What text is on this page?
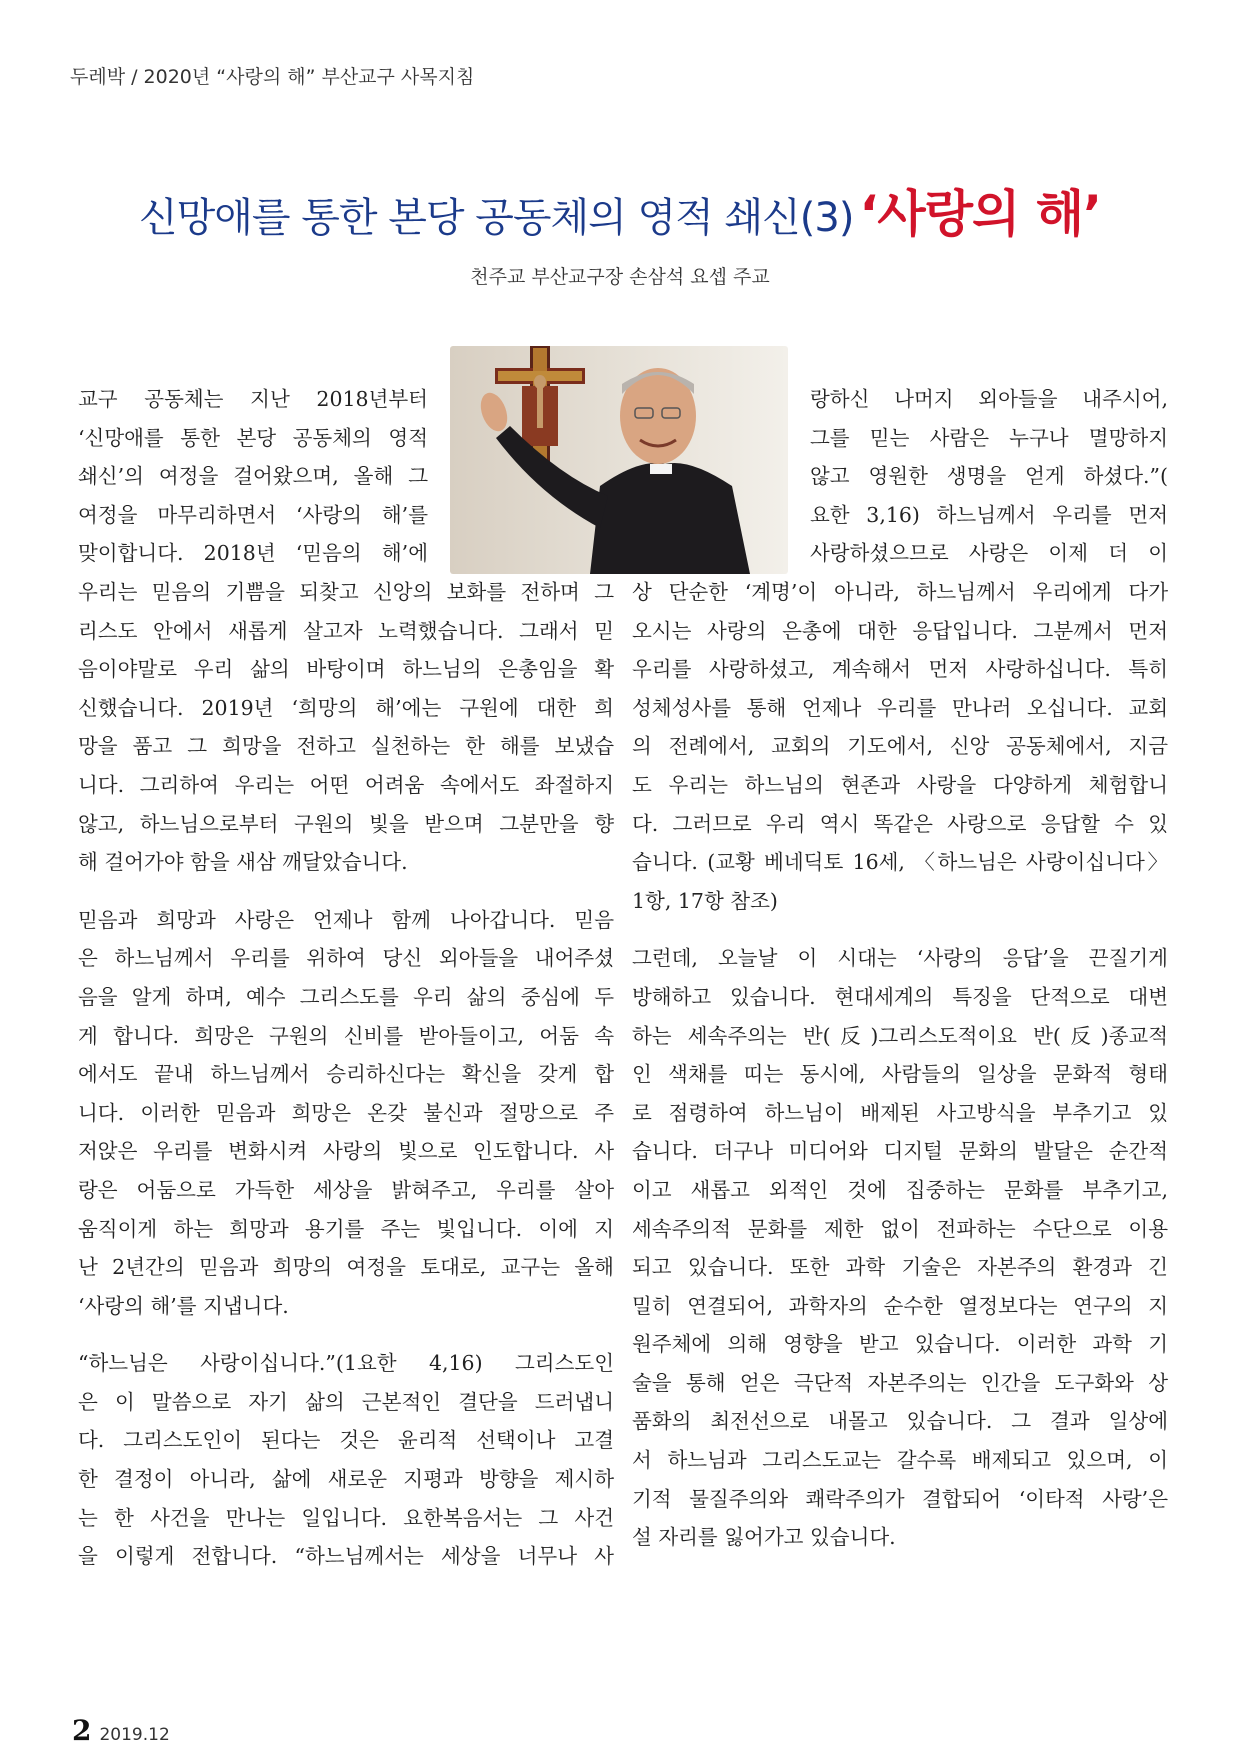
두레박 / 2020년 “사랑의 해” 부산교구 사목지침
신망애를 통한 본당 공동체의 영적 쇄신(3) ‘사랑의 해’
천주교 부산교구장 손삼석 요셉 주교

교구 공동체는 지난 2018년부터

‘신망애를 통한 본당 공동체의 영적

쇄신’의 여정을 걸어왔으며, 올해 그

여정을 마무리하면서 ‘사랑의 해’를

맞이합니다. 2018년 ‘믿음의 해’에

우리는 믿음의 기쁨을 되찾고 신앙의 보화를 전하며 그

리스도 안에서 새롭게 살고자 노력했습니다. 그래서 믿

음이야말로 우리 삶의 바탕이며 하느님의 은총임을 확

신했습니다. 2019년 ‘희망의 해’에는 구원에 대한 희

망을 품고 그 희망을 전하고 실천하는 한 해를 보냈습

니다. 그리하여 우리는 어떤 어려움 속에서도 좌절하지

않고, 하느님으로부터 구원의 빛을 받으며 그분만을 향

해 걸어가야 함을 새삼 깨달았습니다.

믿음과 희망과 사랑은 언제나 함께 나아갑니다. 믿음

은 하느님께서 우리를 위하여 당신 외아들을 내어주셨

음을 알게 하며, 예수 그리스도를 우리 삶의 중심에 두

게 합니다. 희망은 구원의 신비를 받아들이고, 어둠 속

에서도 끝내 하느님께서 승리하신다는 확신을 갖게 합

니다. 이러한 믿음과 희망은 온갖 불신과 절망으로 주

저앉은 우리를 변화시켜 사랑의 빛으로 인도합니다. 사

랑은 어둠으로 가득한 세상을 밝혀주고, 우리를 살아

움직이게 하는 희망과 용기를 주는 빛입니다. 이에 지

난 2년간의 믿음과 희망의 여정을 토대로, 교구는 올해

‘사랑의 해’를 지냅니다.

“하느님은 사랑이십니다.”(1요한 4,16) 그리스도인

은 이 말씀으로 자기 삶의 근본적인 결단을 드러냅니

다. 그리스도인이 된다는 것은 윤리적 선택이나 고결

한 결정이 아니라, 삶에 새로운 지평과 방향을 제시하

는 한 사건을 만나는 일입니다. 요한복음서는 그 사건

을 이렇게 전합니다. “하느님께서는 세상을 너무나 사

랑하신 나머지 외아들을 내주시어,

그를 믿는 사람은 누구나 멸망하지

않고 영원한 생명을 얻게 하셨다.”(

요한 3,16) 하느님께서 우리를 먼저

사랑하셨으므로 사랑은 이제 더 이

상 단순한 ‘계명’이 아니라, 하느님께서 우리에게 다가

오시는 사랑의 은총에 대한 응답입니다. 그분께서 먼저

우리를 사랑하셨고, 계속해서 먼저 사랑하십니다. 특히

성체성사를 통해 언제나 우리를 만나러 오십니다. 교회

의 전례에서, 교회의 기도에서, 신앙 공동체에서, 지금

도 우리는 하느님의 현존과 사랑을 다양하게 체험합니

다. 그러므로 우리 역시 똑같은 사랑으로 응답할 수 있

습니다. (교황 베네딕토 16세, 〈하느님은 사랑이십니다〉

1항, 17항 참조)

그런데, 오늘날 이 시대는 ‘사랑의 응답’을 끈질기게

방해하고 있습니다. 현대세계의 특징을 단적으로 대변

하는 세속주의는 반(反)그리스도적이요 반(反)종교적

인 색채를 띠는 동시에, 사람들의 일상을 문화적 형태

로 점령하여 하느님이 배제된 사고방식을 부추기고 있

습니다. 더구나 미디어와 디지털 문화의 발달은 순간적

이고 새롭고 외적인 것에 집중하는 문화를 부추기고,

세속주의적 문화를 제한 없이 전파하는 수단으로 이용

되고 있습니다. 또한 과학 기술은 자본주의 환경과 긴

밀히 연결되어, 과학자의 순수한 열정보다는 연구의 지

원주체에 의해 영향을 받고 있습니다. 이러한 과학 기

술을 통해 얻은 극단적 자본주의는 인간을 도구화와 상

품화의 최전선으로 내몰고 있습니다. 그 결과 일상에

서 하느님과 그리스도교는 갈수록 배제되고 있으며, 이

기적 물질주의와 쾌락주의가 결합되어 ‘이타적 사랑’은

설 자리를 잃어가고 있습니다.

2 2019.12
